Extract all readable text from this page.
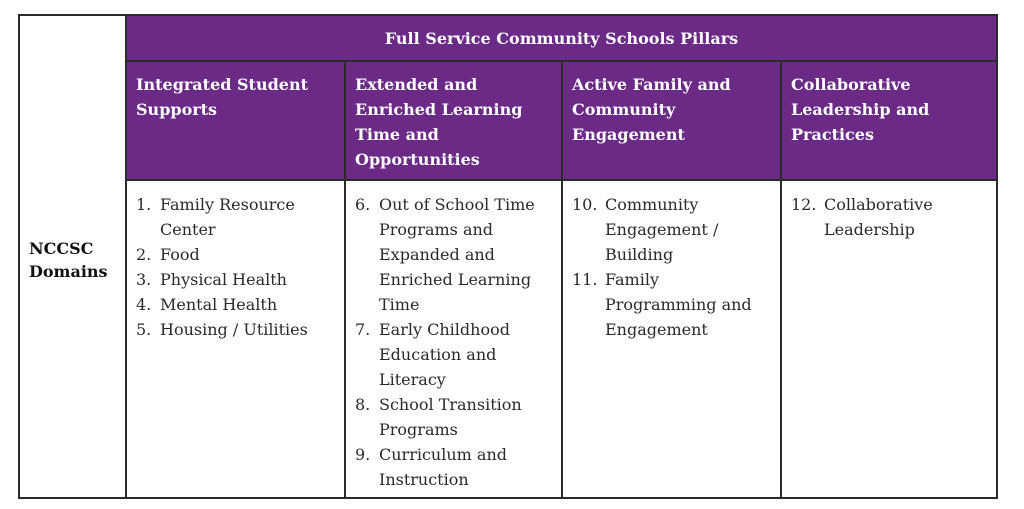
NCCSC Domains
Full Service Community Schools Pillars
Integrated Student Supports
Extended and Enriched Learning Time and Opportunities
Active Family and Community Engagement
Collaborative Leadership and Practices
1. Family Resource Center
2. Food
3. Physical Health
4. Mental Health
5. Housing / Utilities
6. Out of School Time Programs and Expanded and Enriched Learning Time
7. Early Childhood Education and Literacy
8. School Transition Programs
9. Curriculum and Instruction
10. Community Engagement / Building
11. Family Programming and Engagement
12. Collaborative Leadership
